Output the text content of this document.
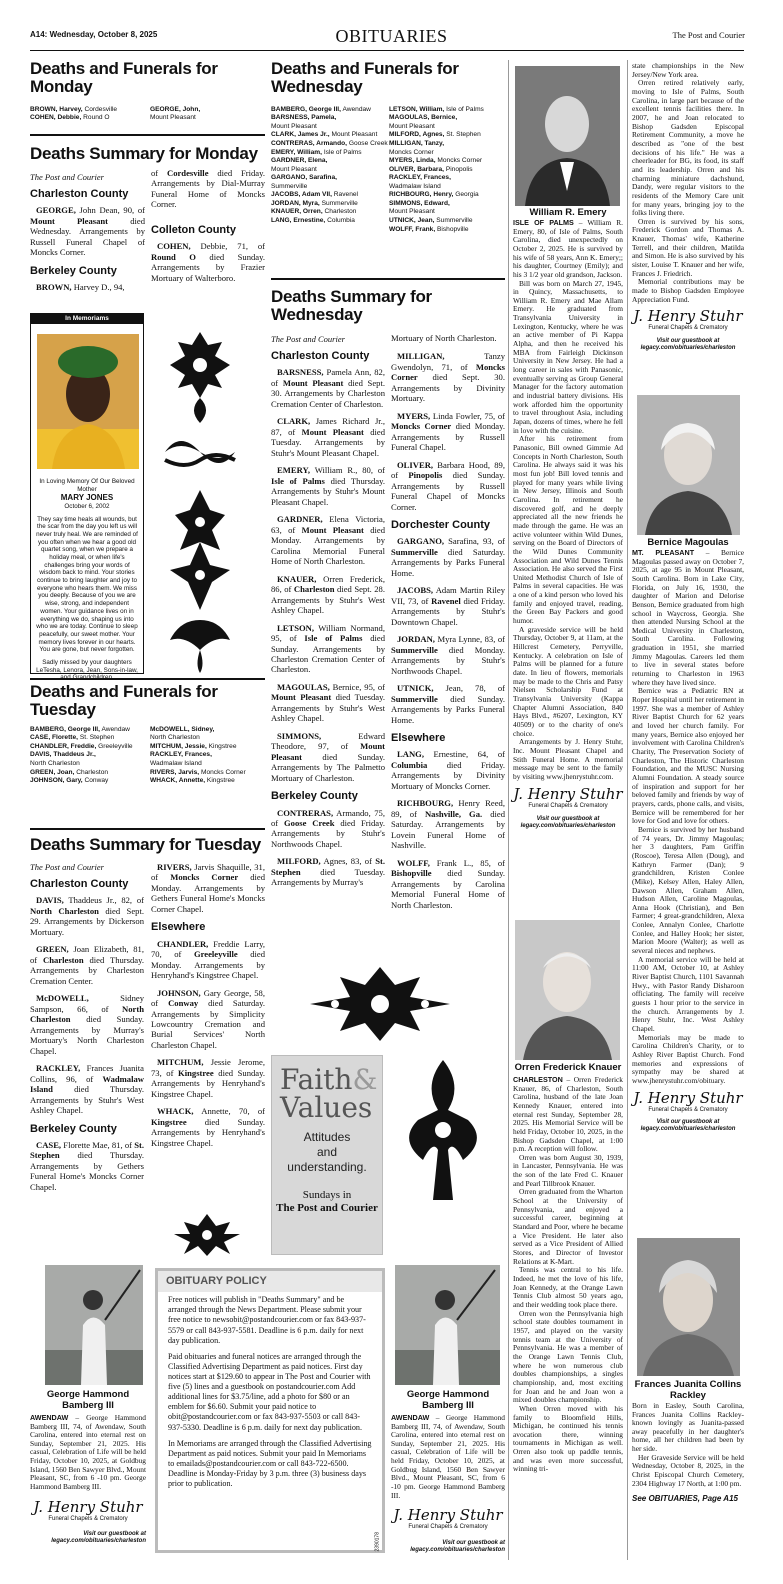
A14: Wednesday, October 8, 2025	OBITUARIES	The Post and Courier
Deaths and Funerals for Monday
BROWN, Harvey, Cordesville
COHEN, Debbie, Round O
GEORGE, John,
Mount Pleasant
Deaths Summary for Monday
The Post and Courier
Charleston County
GEORGE, John Dean, 90, of Mount Pleasant died Wednesday. Arrangements by Russell Funeral Chapel of Moncks Corner.
Berkeley County
BROWN, Harvey D., 94,
of Cordesville died Friday. Arrangements by Dial-Murray Funeral Home of Moncks Corner.
Colleton County
COHEN, Debbie, 71, of Round O died Sunday. Arrangements by Frazier Mortuary of Walterboro.
In Memoriams
In Loving Memory Of Our Beloved Mother
MARY JONES
October 6, 2002
They say time heals all wounds, but the scar from the day you left us will never truly heal. We are reminded of you often when we hear a good old quartet song, when we prepare a holiday meal, or when life's challenges bring your words of wisdom back to mind. Your stories continue to bring laughter and joy to everyone who hears them. We miss you deeply. Because of you we are wise, strong, and independent women. Your guidance lives on in everything we do, shaping us into who we are today. Continue to sleep peacefully, our sweet mother. Your memory lives forever in our hearts. You are gone, but never forgotten.
Sadly missed by your daughters LeTesha, Lenora, Jean, Sons-in-law,
Deaths and Funerals for Tuesday
BAMBERG, George III, Awendaw
CASE, Florette, St. Stephen
CHANDLER, Freddie, Greeleyville
DAVIS, Thaddeus Jr.,
North Charleston
GREEN, Joan, Charleston
JOHNSON, Gary, Conway
McDOWELL, Sidney,
North Charleston
MITCHUM, Jessie, Kingstree
RACKLEY, Frances,
Wadmalaw Island
RIVERS, Jarvis, Moncks Corner
WHACK, Annette, Kingstree
Deaths Summary for Tuesday
The Post and Courier
Charleston County
DAVIS, Thaddeus Jr., 82, of North Charleston died Sept. 29. Arrangements by Dickerson Mortuary.
GREEN, Joan Elizabeth, 81, of Charleston died Thursday. Arrangements by Charleston Cremation Center.
McDOWELL, Sidney Sampson, 66, of North Charleston died Sunday. Arrangements by Murray's Mortuary's North Charleston Chapel.
RACKLEY, Frances Juanita Collins, 96, of Wadmalaw Island died Thursday. Arrangements by Stuhr's West Ashley Chapel.
Berkeley County
CASE, Florette Mae, 81, of St. Stephen died Thursday. Arrangements by Gethers Funeral Home's Moncks Corner Chapel.
RIVERS, Jarvis Shaquille, 31, of Moncks Corner died Monday. Arrangements by Gethers Funeral Home's Moncks Corner Chapel.
Elsewhere
CHANDLER, Freddie Larry, 70, of Greeleyville died Monday. Arrangements by Henryhand's Kingstree Chapel.
JOHNSON, Gary George, 58, of Conway died Saturday. Arrangements by Simplicity Lowcountry Cremation and Burial Services' North Charleston Chapel.
MITCHUM, Jessie Jerome, 73, of Kingstree died Sunday. Arrangements by Henryhand's Kingstree Chapel.
WHACK, Annette, 70, of Kingstree died Sunday. Arrangements by Henryhand's Kingstree Chapel.
George Hammond Bamberg III
AWENDAW – George Hammond Bamberg III, 74, of Awendaw, South Carolina, entered into eternal rest on Sunday, September 21, 2025. His casual, Celebration of Life will be held Friday, October 10, 2025, at Goldbug Island, 1560 Ben Sawyer Blvd., Mount Pleasant, SC, from 6 -10 pm. George Hammond Bamberg III.
J. Henry Stuhr
Funeral Chapels & Crematory
Visit our guestbook at
legacy.com/obituaries/charleston
Deaths and Funerals for Wednesday
BAMBERG, George III, Awendaw
BARSNESS, Pamela,
Mount Pleasant
CLARK, James Jr., Mount Pleasant
CONTRERAS, Armando, Goose Creek
EMERY, William, Isle of Palms
GARDNER, Elena,
Mount Pleasant
GARGANO, Sarafina,
Summerville
JACOBS, Adam VII, Ravenel
JORDAN, Myra, Summerville
KNAUER, Orren, Charleston
LANG, Ernestine, Columbia
LETSON, William, Isle of Palms
MAGOULAS, Bernice,
Mount Pleasant
MILFORD, Agnes, St. Stephen
MILLIGAN, Tanzy,
Moncks Corner
MYERS, Linda, Moncks Corner
OLIVER, Barbara, Pinopolis
RACKLEY, Frances,
Wadmalaw Island
RICHBOURG, Henry, Georgia
SIMMONS, Edward,
Mount Pleasant
UTNICK, Jean, Summerville
WOLFF, Frank, Bishopville
Deaths Summary for Wednesday
The Post and Courier
Charleston County
BARSNESS, Pamela Ann, 82, of Mount Pleasant died Sept. 30. Arrangements by Charleston Cremation Center of Charleston.
CLARK, James Richard Jr., 87, of Mount Pleasant died Tuesday. Arrangements by Stuhr's Mount Pleasant Chapel.
EMERY, William R., 80, of Isle of Palms died Thursday. Arrangements by Stuhr's Mount Pleasant Chapel.
GARDNER, Elena Victoria, 63, of Mount Pleasant died Monday. Arrangements by Carolina Memorial Funeral Home of North Charleston.
KNAUER, Orren Frederick, 86, of Charleston died Sept. 28. Arrangements by Stuhr's West Ashley Chapel.
LETSON, William Normand, 95, of Isle of Palms died Sunday. Arrangements by Charleston Cremation Center of Charleston.
MAGOULAS, Bernice, 95, of Mount Pleasant died Tuesday. Arrangements by Stuhr's West Ashley Chapel.
SIMMONS, Edward Theodore, 97, of Mount Pleasant died Sunday. Arrangements by The Palmetto Mortuary of Charleston.
Berkeley County
CONTRERAS, Armando, 75, of Goose Creek died Friday. Arrangements by Stuhr's Northwoods Chapel.
MILFORD, Agnes, 83, of St. Stephen died Tuesday. Arrangements by Murray's
Mortuary of North Charleston.
MILLIGAN, Tanzy Gwendolyn, 71, of Moncks Corner died Sept. 30. Arrangements by Divinity Mortuary.
MYERS, Linda Fowler, 75, of Moncks Corner died Monday. Arrangements by Russell Funeral Chapel.
OLIVER, Barbara Hood, 89, of Pinopolis died Sunday. Arrangements by Russell Funeral Chapel of Moncks Corner.
Dorchester County
GARGANO, Sarafina, 93, of Summerville died Saturday. Arrangements by Parks Funeral Home.
JACOBS, Adam Martin Riley VII, 73, of Ravenel died Friday. Arrangements by Stuhr's Downtown Chapel.
JORDAN, Myra Lynne, 83, of Summerville died Monday. Arrangements by Stuhr's Northwoods Chapel.
UTNICK, Jean, 78, of Summerville died Sunday. Arrangements by Parks Funeral Home.
Elsewhere
LANG, Ernestine, 64, of Columbia died Friday. Arrangements by Divinity Mortuary of Moncks Corner.
RICHBOURG, Henry Reed, 89, of Nashville, Ga. died Saturday. Arrangements by Lovein Funeral Home of Nashville.
WOLFF, Frank L., 85, of Bishopville died Sunday. Arrangements by Carolina Memorial Funeral Home of North Charleston.
Faith&
Values
Attitudes
and
understanding.
Sundays in
The Post and Courier
OBITUARY POLICY

Free notices will publish in "Deaths Summary" and be arranged through the News Department. Please submit your free notice to newsobit@postandcourier.com or fax 843-937-5579 or call 843-937-5581. Deadline is 6 p.m. daily for next day publication.

Paid obituaries and funeral notices are arranged through the Classified Advertising Department as paid notices. First day notices start at $129.60 to appear in The Post and Courier with five (5) lines and a guestbook on postandcourier.com Add additional lines for $3.75/line, add a photo for $80 or an emblem for $6.60. Submit your paid notice to obit@postandcourier.com or fax 843-937-5503 or call 843-937-5330. Deadline is 6 p.m. daily for next day publication.

In Memoriams are arranged through the Classified Advertising Department as paid notices. Submit your paid In Memoriams to emailads@postandcourier.com or call 843-722-6500. Deadline is Monday-Friday by 3 p.m. three (3) business days prior to publication.

2390178
George Hammond Bamberg III
AWENDAW – George Hammond Bamberg III, 74, of Awendaw, South Carolina, entered into eternal rest on Sunday, September 21, 2025. His casual, Celebration of Life will be held Friday, October 10, 2025, at Goldbug Island, 1560 Ben Sawyer Blvd., Mount Pleasant, SC, from 6 -10 pm. George Hammond Bamberg III.
J. Henry Stuhr
Funeral Chapels & Crematory
Visit our guestbook at
legacy.com/obituaries/charleston
William R. Emery

ISLE OF PALMS – William R. Emery, 80, of Isle of Palms, South Carolina, died unexpectedly on October 2, 2025. He is survived by his wife of 58 years, Ann K. Emery;; his daughter, Courtney (Emily); and his 3 1/2 year old grandson, Jackson.

Bill was born on March 27, 1945, in Quincy, Massachusetts, to William R. Emery and Mae Allam Emery. He graduated from Transylvania University in Lexington, Kentucky, where he was an active member of Pi Kappa Alpha, and then he received his MBA from Fairleigh Dickinson University in New Jersey. He had a long career in sales with Panasonic, eventually serving as Group General Manager for the factory automation and industrial battery divisions. His work afforded him the opportunity to travel throughout Asia, including Japan, dozens of times, where he fell in love with the cuisine.

After his retirement from Panasonic, Bill owned Gimmie Ad Concepts in North Charleston, South Carolina. He always said it was his most fun job! Bill loved tennis and played for many years while living in New Jersey, Illinois and South Carolina. In retirement he discovered golf, and he deeply appreciated all the new friends he made through the game. He was an active volunteer within Wild Dunes, serving on the Board of Directors of the Wild Dunes Community Association and Wild Dunes Tennis Association. He also served the First United Methodist Church of Isle of Palms in several capacities. He was a one of a kind person who loved his family and enjoyed travel, reading, the Green Bay Packers and good humor.

A graveside service will be held Thursday, October 9, at 11am, at the Hillcrest Cemetery, Perryville, Kentucky. A celebration on Isle of Palms will be planned for a future date. In lieu of flowers, memorials may be made to the Chris and Patsy Nielsen Scholarship Fund at Transylvania University (Kappa Chapter Alumni Association, 840 Hays Blvd., #6207, Lexington, KY 40509) or to the charity of one's choice.

Arrangements by J. Henry Stuhr, Inc. Mount Pleasant Chapel and Stith Funeral Home. A memorial message may be sent to the family by visiting www.jhenrystuhr.com.

J. Henry Stuhr
Funeral Chapels & Crematory
Visit our guestbook at
legacy.com/obituaries/charleston
Orren Frederick Knauer

CHARLESTON – Orren Frederick Knauer, 86, of Charleston, South Carolina, husband of the late Joan Kennedy Knauer, entered into eternal rest Sunday, September 28, 2025. His Memorial Service will be held Friday, October 10, 2025, in the Bishop Gadsden Chapel, at 1:00 p.m. A reception will follow.

Orren was born August 30, 1939, in Lancaster, Pennsylvania. He was the son of the late Fred C. Knauer and Pearl Tillbrook Knauer.

Orren graduated from the Wharton School at the University of Pennsylvania, and enjoyed a successful career, beginning at Standard and Poor, where he became a Vice President. He later also served as a Vice President of Allied Stores, and Director of Investor Relations at K-Mart.

Tennis was central to his life. Indeed, he met the love of his life, Joan Kennedy, at the Orange Lawn Tennis Club almost 50 years ago, and their wedding took place there.

Orren won the Pennsylvania high school state doubles tournament in 1957, and played on the varsity tennis team at the University of Pennsylvania. He was a member of the Orange Lawn Tennis Club, where he won numerous club doubles championships, a singles championship, and, most exciting for Joan and he and Joan won a mixed doubles championship.

When Orren moved with his family to Bloomfield Hills, Michigan, he continued his tennis avocation there, winning tournaments in Michigan as well. Orren also took up paddle tennis, and was even more successful, winning tri-

state championships in the New Jersey/New York area.

Orren retired relatively early, moving to Isle of Palms, South Carolina, in large part because of the excellent tennis facilities there. In 2007, he and Joan relocated to Bishop Gadsden Episcopal Retirement Community, a move he described as "one of the best decisions of his life." He was a cheerleader for BG, its food, its staff and its leadership. Orren and his charming miniature dachshund, Dandy, were regular visitors to the residents of the Memory Care unit for many years, bringing joy to the folks living there.

Orren is survived by his sons, Frederick Gordon and Thomas A. Knauer, Thomas' wife, Katherine Terrell, and their children, Matilda and Simon. He is also survived by his sister, Louise T. Knauer and her wife, Frances J. Friedrich.

Memorial contributions may be made to Bishop Gadsden Employee Appreciation Fund.

J. Henry Stuhr
Funeral Chapels & Crematory
Visit our guestbook at
legacy.com/obituaries/charleston
Bernice Magoulas

MT. PLEASANT – Bernice Magoulas passed away on October 7, 2025, at age 95 in Mount Pleasant, South Carolina. Born in Lake City, Florida, on July 16, 1930, the daughter of Marion and Delorise Benson, Bernice graduated from high school in Waycross, Georgia. She then attended Nursing School at the Medical University in Charleston, South Carolina. Following graduation in 1951, she married Jimmy Magoulas. Careers led them to live in several states before returning to Charleston in 1963 where they have lived since.

Bernice was a Pediatric RN at Roper Hospital until her retirement in 1997. She was a member of Ashley River Baptist Church for 62 years and loved her church family. For many years, Bernice also enjoyed her involvement with Carolina Children's Charity, The Preservation Society of Charleston, The Historic Charleston Foundation, and the MUSC Nursing Alumni Foundation. A steady source of inspiration and support for her beloved family and friends by way of prayers, cards, phone calls, and visits, Bernice will be remembered for her love for God and love for others.

Bernice is survived by her husband of 74 years, Dr. Jimmy Magoulas; her 3 daughters, Pam Griffin (Roscoe), Teresa Allen (Doug), and Kathryn Farmer (Dan); 9 grandchildren, Kristen Conlee (Mike), Kelsey Allen, Haley Allen, Dawson Allen, Graham Allen, Hudson Allen, Caroline Magoulas, Anna Hook (Christian), and Ben Farmer; 4 great-grandchildren, Alexa Conlee, Annalyn Conlee, Charlotte Conlee, and Halley Hook; her sister, Marion Moore (Walter); as well as several nieces and nephews.

A memorial service will be held at 11:00 AM, October 10, at Ashley River Baptist Church, 1101 Savannah Hwy., with Pastor Randy Disharoon officiating. The family will receive guests 1 hour prior to the service in the church. Arrangements by J. Henry Stuhr, Inc. West Ashley Chapel.

Memorials may be made to Carolina Children's Charity, or to Ashley River Baptist Church. Fond memories and expressions of sympathy may be shared at www.jhenrystuhr.com/obituary.

J. Henry Stuhr
Funeral Chapels & Crematory
Visit our guestbook at
legacy.com/obituaries/charleston
Frances Juanita Collins Rackley

Born in Easley, South Carolina, Frances Juanita Collins Rackley-known lovingly as Juanita-passed away peacefully in her daughter's home, all her children had been by her side.

Her Graveside Service will be held Wednesday, October 8, 2025, in the Christ Episcopal Church Cemetery, 2304 Highway 17 North, at 1:00 pm.

See OBITUARIES, Page A15
